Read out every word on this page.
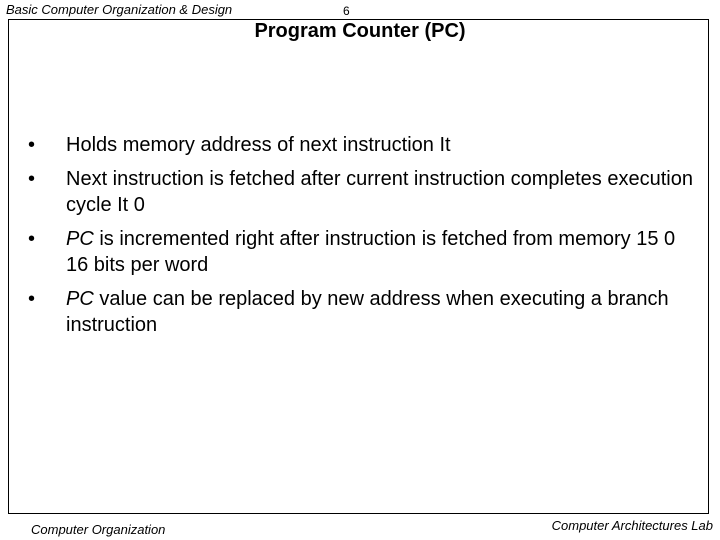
Basic Computer Organization & Design	6
Program Counter (PC)
•	Holds memory address of next instruction It
•	Next instruction is fetched after current instruction completes execution cycle It 0
•	PC is incremented right after instruction is fetched from memory 15 0 16 bits per word
•	PC value can be replaced by new address when executing a branch instruction
Computer Organization	Computer Architectures Lab
